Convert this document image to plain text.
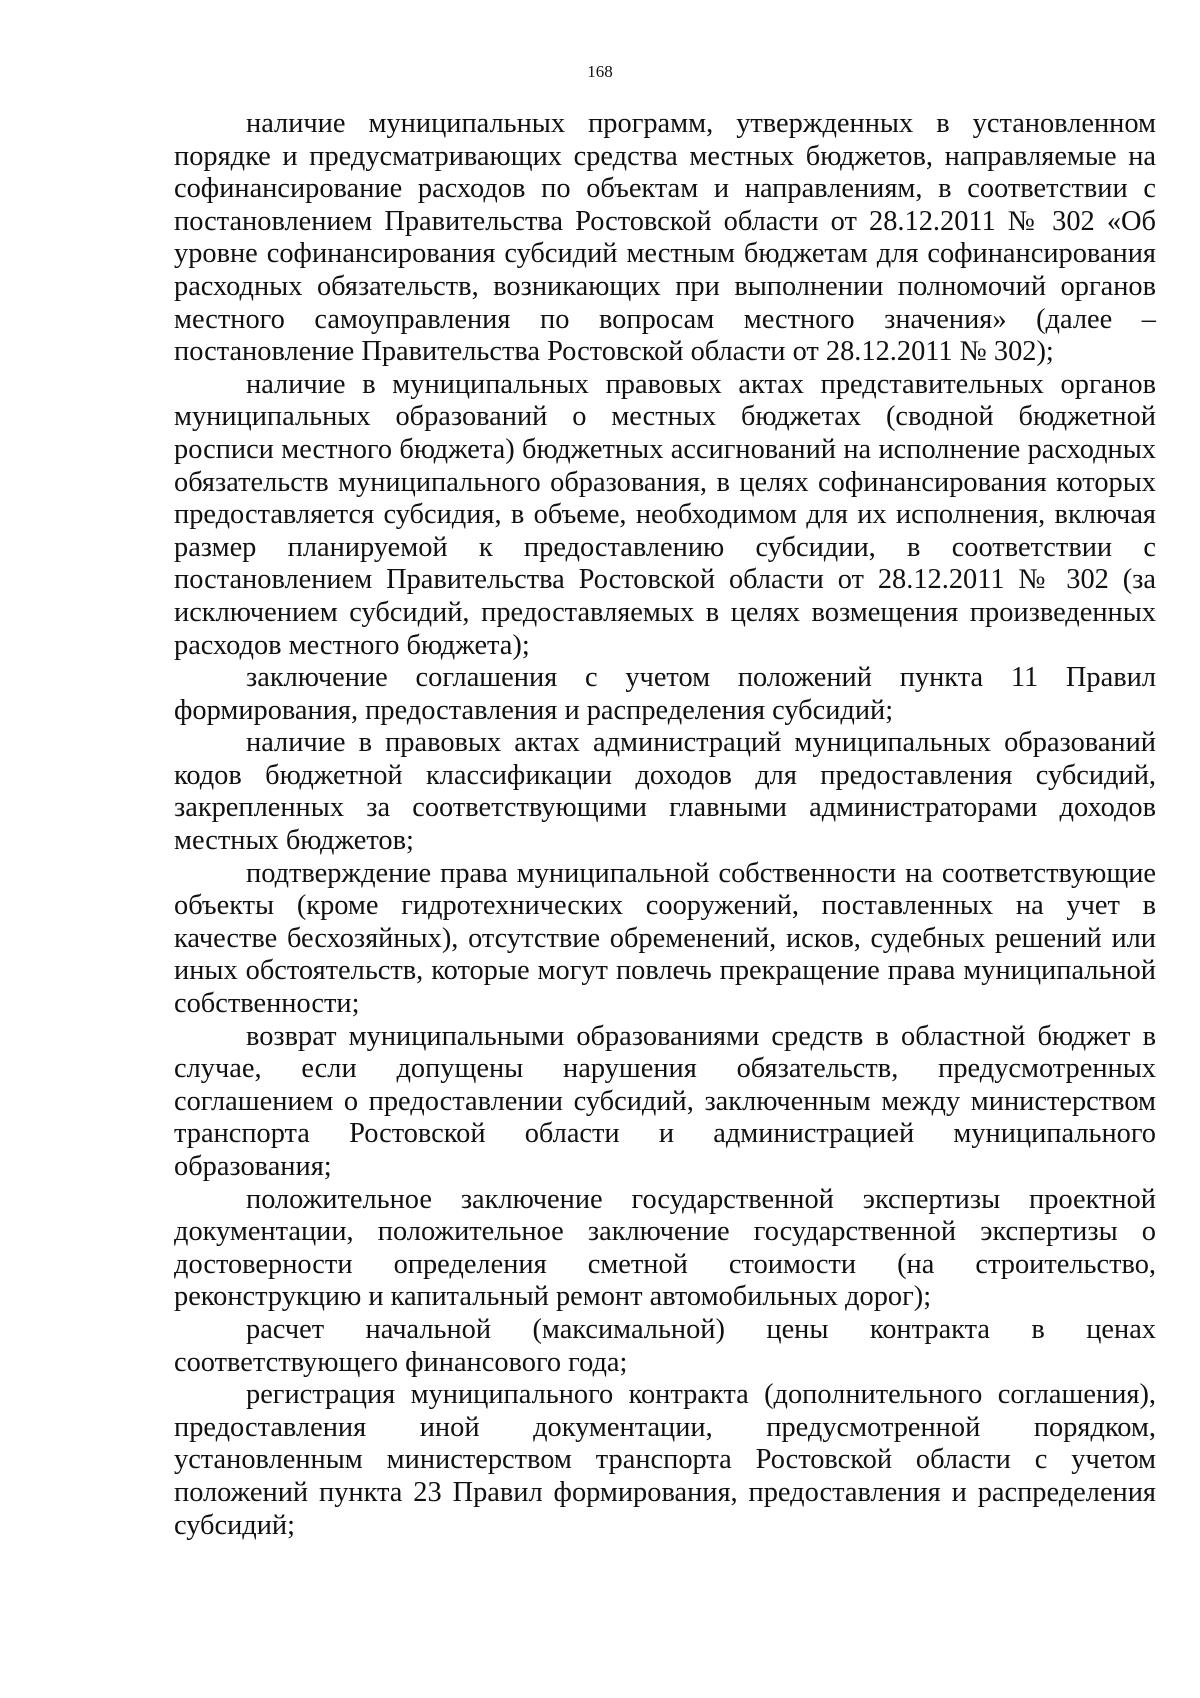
168

наличие муниципальных программ, утвержденных в установленном порядке и предусматривающих средства местных бюджетов, направляемые на софинансирование расходов по объектам и направлениям, в соответствии с постановлением Правительства Ростовской области от 28.12.2011 № 302 «Об уровне софинансирования субсидий местным бюджетам для софинансирования расходных обязательств, возникающих при выполнении полномочий органов местного самоуправления по вопросам местного значения» (далее – постановление Правительства Ростовской области от 28.12.2011 № 302);

наличие в муниципальных правовых актах представительных органов муниципальных образований о местных бюджетах (сводной бюджетной росписи местного бюджета) бюджетных ассигнований на исполнение расходных обязательств муниципального образования, в целях софинансирования которых предоставляется субсидия, в объеме, необходимом для их исполнения, включая размер планируемой к предоставлению субсидии, в соответствии с постановлением Правительства Ростовской области от 28.12.2011 № 302 (за исключением субсидий, предоставляемых в целях возмещения произведенных расходов местного бюджета);

заключение соглашения с учетом положений пункта 11 Правил формирования, предоставления и распределения субсидий;

наличие в правовых актах администраций муниципальных образований кодов бюджетной классификации доходов для предоставления субсидий, закрепленных за соответствующими главными администраторами доходов местных бюджетов;

подтверждение права муниципальной собственности на соответствующие объекты (кроме гидротехнических сооружений, поставленных на учет в качестве бесхозяйных), отсутствие обременений, исков, судебных решений или иных обстоятельств, которые могут повлечь прекращение права муниципальной собственности;

возврат муниципальными образованиями средств в областной бюджет в случае, если допущены нарушения обязательств, предусмотренных соглашением о предоставлении субсидий, заключенным между министерством транспорта Ростовской области и администрацией муниципального образования;

положительное заключение государственной экспертизы проектной документации, положительное заключение государственной экспертизы о достоверности определения сметной стоимости (на строительство, реконструкцию и капитальный ремонт автомобильных дорог);

расчет начальной (максимальной) цены контракта в ценах соответствующего финансового года;

регистрация муниципального контракта (дополнительного соглашения), предоставления иной документации, предусмотренной порядком, установленным министерством транспорта Ростовской области с учетом положений пункта 23 Правил формирования, предоставления и распределения субсидий;
